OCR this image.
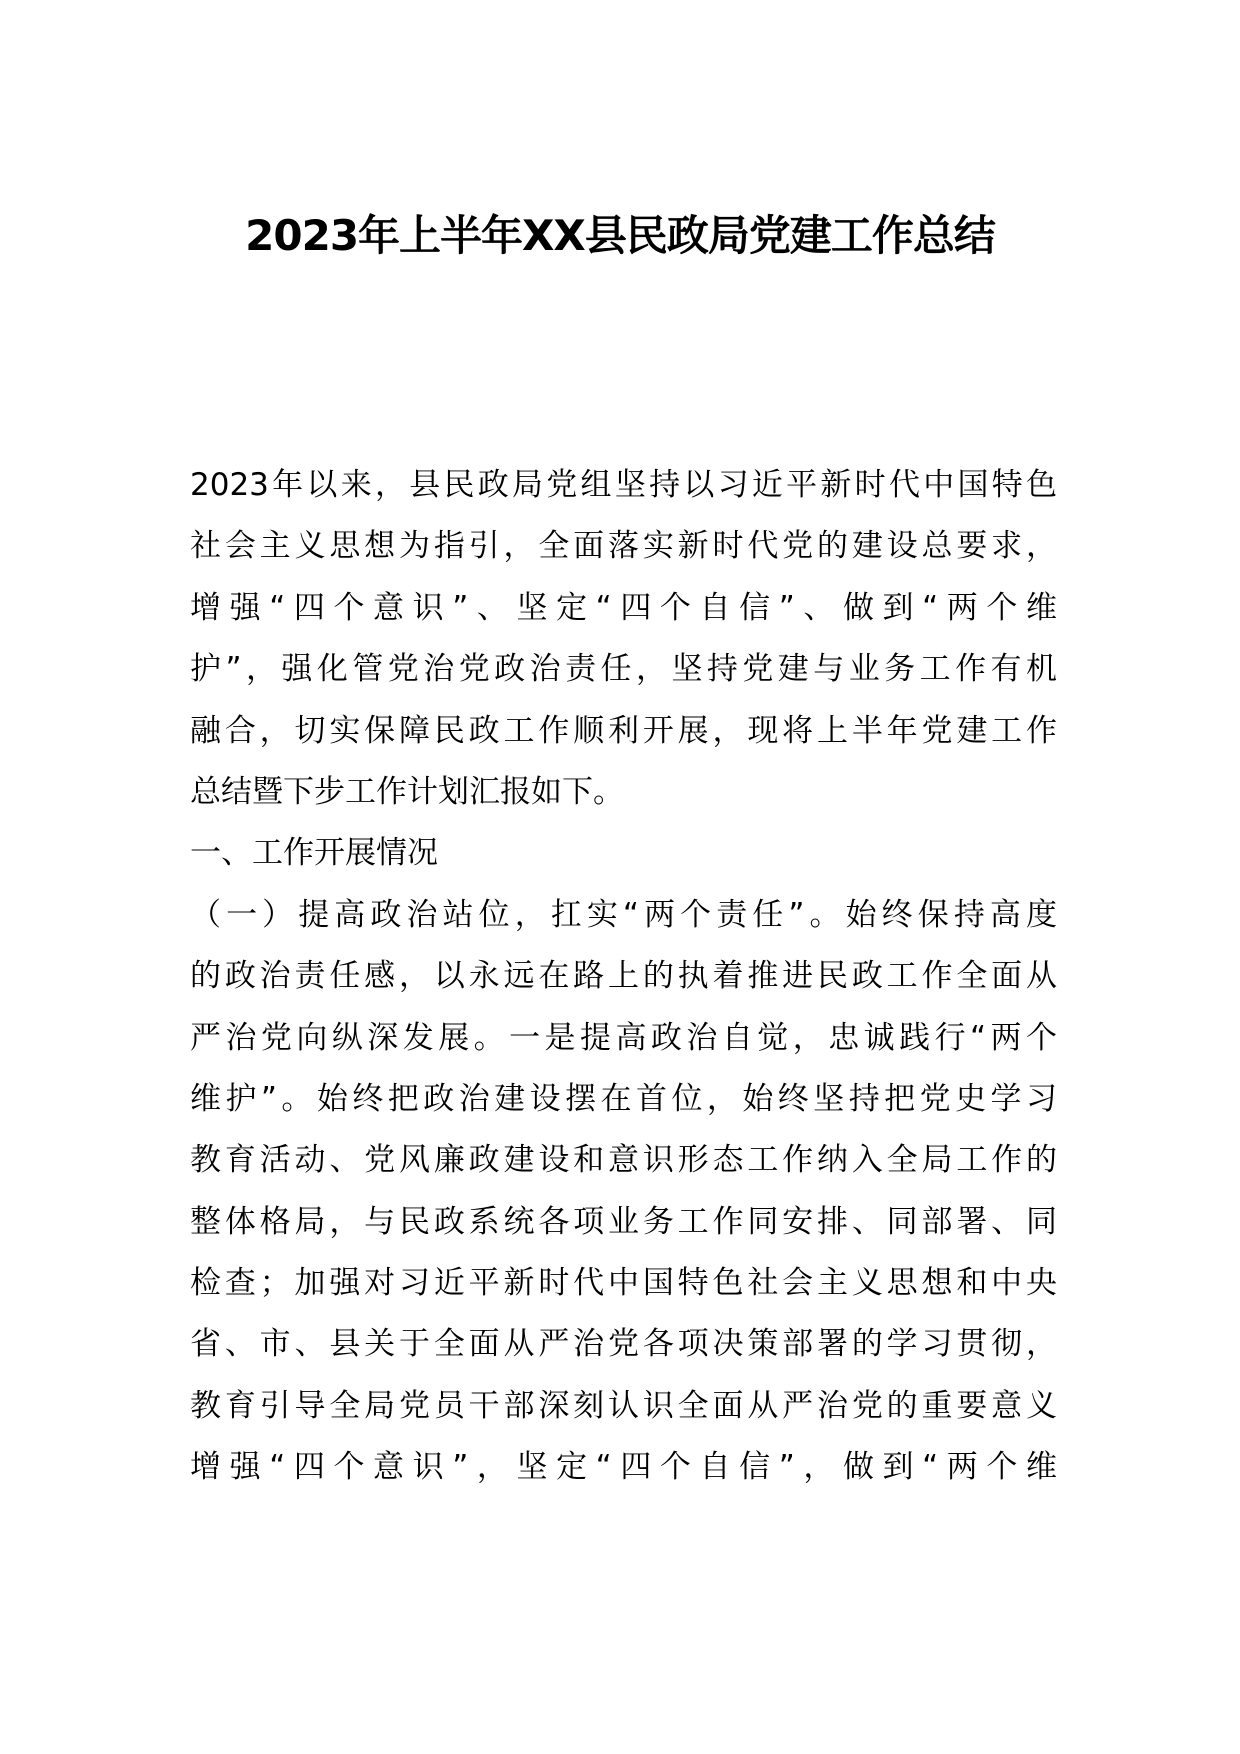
2023年上半年XX县民政局党建工作总结
2023年以来，县民政局党组坚持以习近平新时代中国特色
社会主义思想为指引，全面落实新时代党的建设总要求，
增强“四个意识”、坚定“四个自信”、做到“两个维
护”，强化管党治党政治责任，坚持党建与业务工作有机
融合，切实保障民政工作顺利开展，现将上半年党建工作
总结暨下步工作计划汇报如下。
一、工作开展情况
（一）提高政治站位，扛实“两个责任”。始终保持高度
的政治责任感，以永远在路上的执着推进民政工作全面从
严治党向纵深发展。一是提高政治自觉，忠诚践行“两个
维护”。始终把政治建设摆在首位，始终坚持把党史学习
教育活动、党风廉政建设和意识形态工作纳入全局工作的
整体格局，与民政系统各项业务工作同安排、同部署、同
检查；加强对习近平新时代中国特色社会主义思想和中央
省、市、县关于全面从严治党各项决策部署的学习贯彻，
教育引导全局党员干部深刻认识全面从严治党的重要意义
增强“四个意识”，坚定“四个自信”，做到“两个维
